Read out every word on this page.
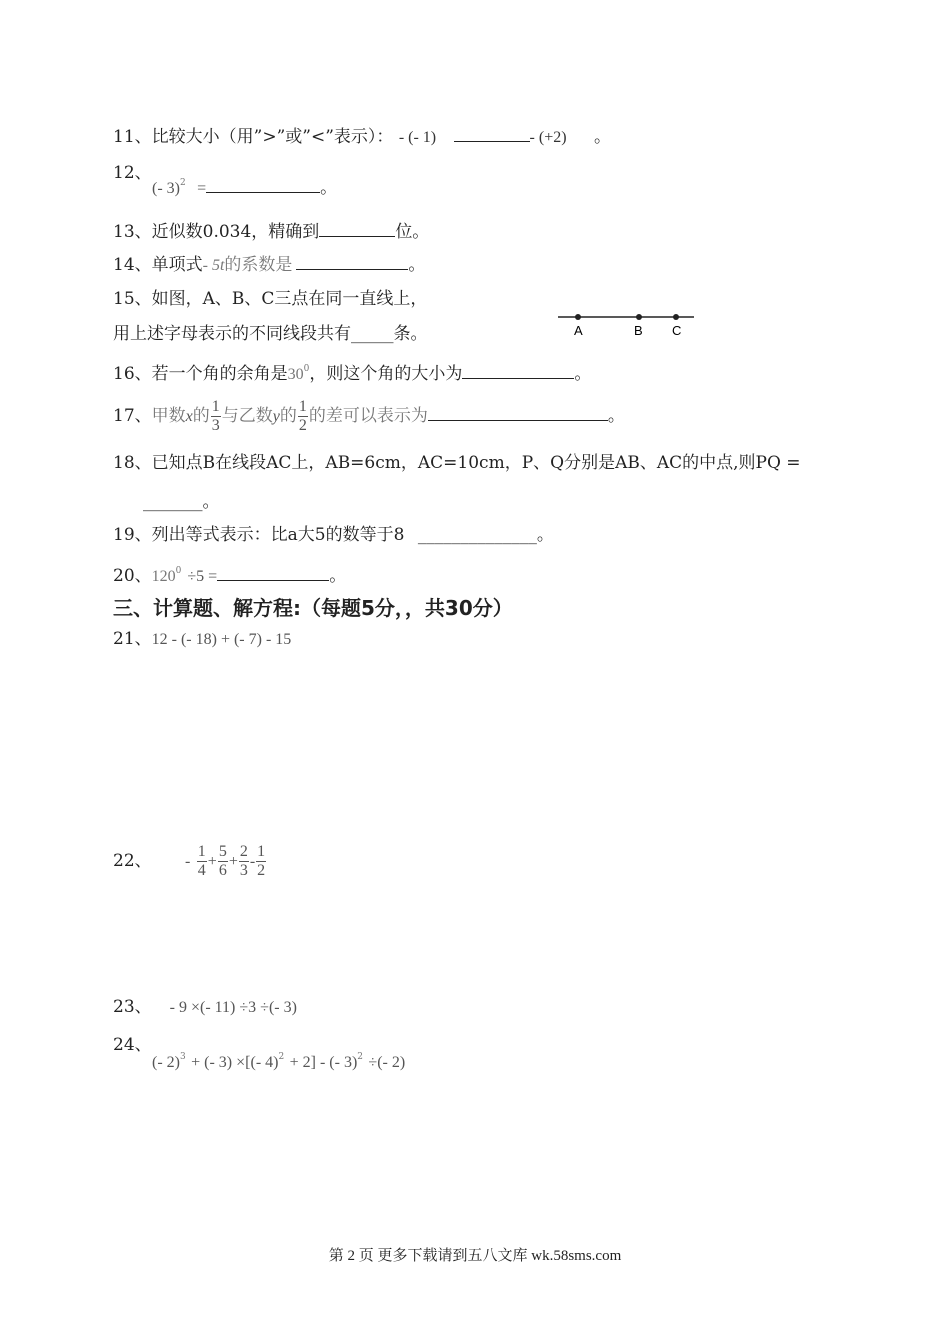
11、比较大小（用”>”或”<”表示）： - (- 1)	- (+2) 。
12、
(- 3)$^2$ =	。
13、近似数0.034，精确到	位。
14、单项式- 5t的系数是	。
15、如图，A、B、C三点在同一直线上，
用上述字母表示的不同线段共有_____条。	A	B C
16、若一个角的余角是$30^0$，则这个角的大小为	。
17、甲数x的 $\frac{1}{3}$ 与乙数y的 $\frac{1}{2}$ 的差可以表示为	。
18、已知点B在线段AC上，AB=6cm，AC=10cm，P、Q分别是AB、AC的中点,则PQ =
_______。
19、列出等式表示：比a大5的数等于8 ______________。
20、$120^0 \div 5$ =	。
三、计算题、解方程:（每题5分，，共30分）
21、12 - (- 18) + (- 7) - 15
22、 - $\frac{1}{4} + \frac{5}{6} + \frac{2}{3} - \frac{1}{2}$
23、 - 9 ×(- 11) ÷3 ÷(- 3)
24、
(- 2)$^3$ + (- 3) ×[(- 4)$^2$ + 2] - (- 3)$^2$ ÷(- 2)
第 2 页 更多下载请到五八文库 wk.58sms.com
